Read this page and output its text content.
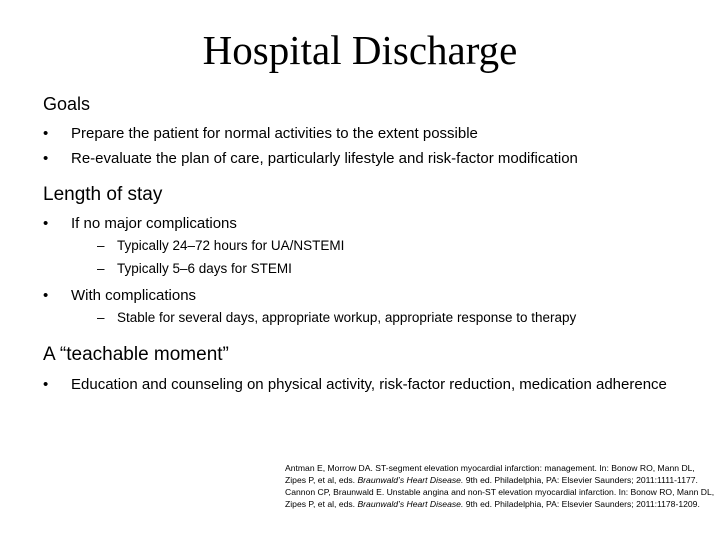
Hospital Discharge
Goals
•	Prepare the patient for normal activities to the extent possible
•	Re-evaluate the plan of care, particularly lifestyle and risk-factor modification
Length of stay
•	If no major complications
– Typically 24–72 hours for UA/NSTEMI
– Typically 5–6 days for STEMI
•	With complications
– Stable for several days, appropriate workup, appropriate response to therapy
A “teachable moment”
•	Education and counseling on physical activity, risk-factor reduction, medication adherence

Antman E, Morrow DA. ST-segment elevation myocardial infarction: management. In: Bonow RO, Mann DL, Zipes P, et al, eds. Braunwald’s Heart Disease. 9th ed. Philadelphia, PA: Elsevier Saunders; 2011:1111-1177.

Cannon CP, Braunwald E. Unstable angina and non-ST elevation myocardial infarction. In: Bonow RO, Mann DL, Zipes P, et al, eds. Braunwald’s Heart Disease. 9th ed. Philadelphia, PA: Elsevier Saunders; 2011:1178-1209.
